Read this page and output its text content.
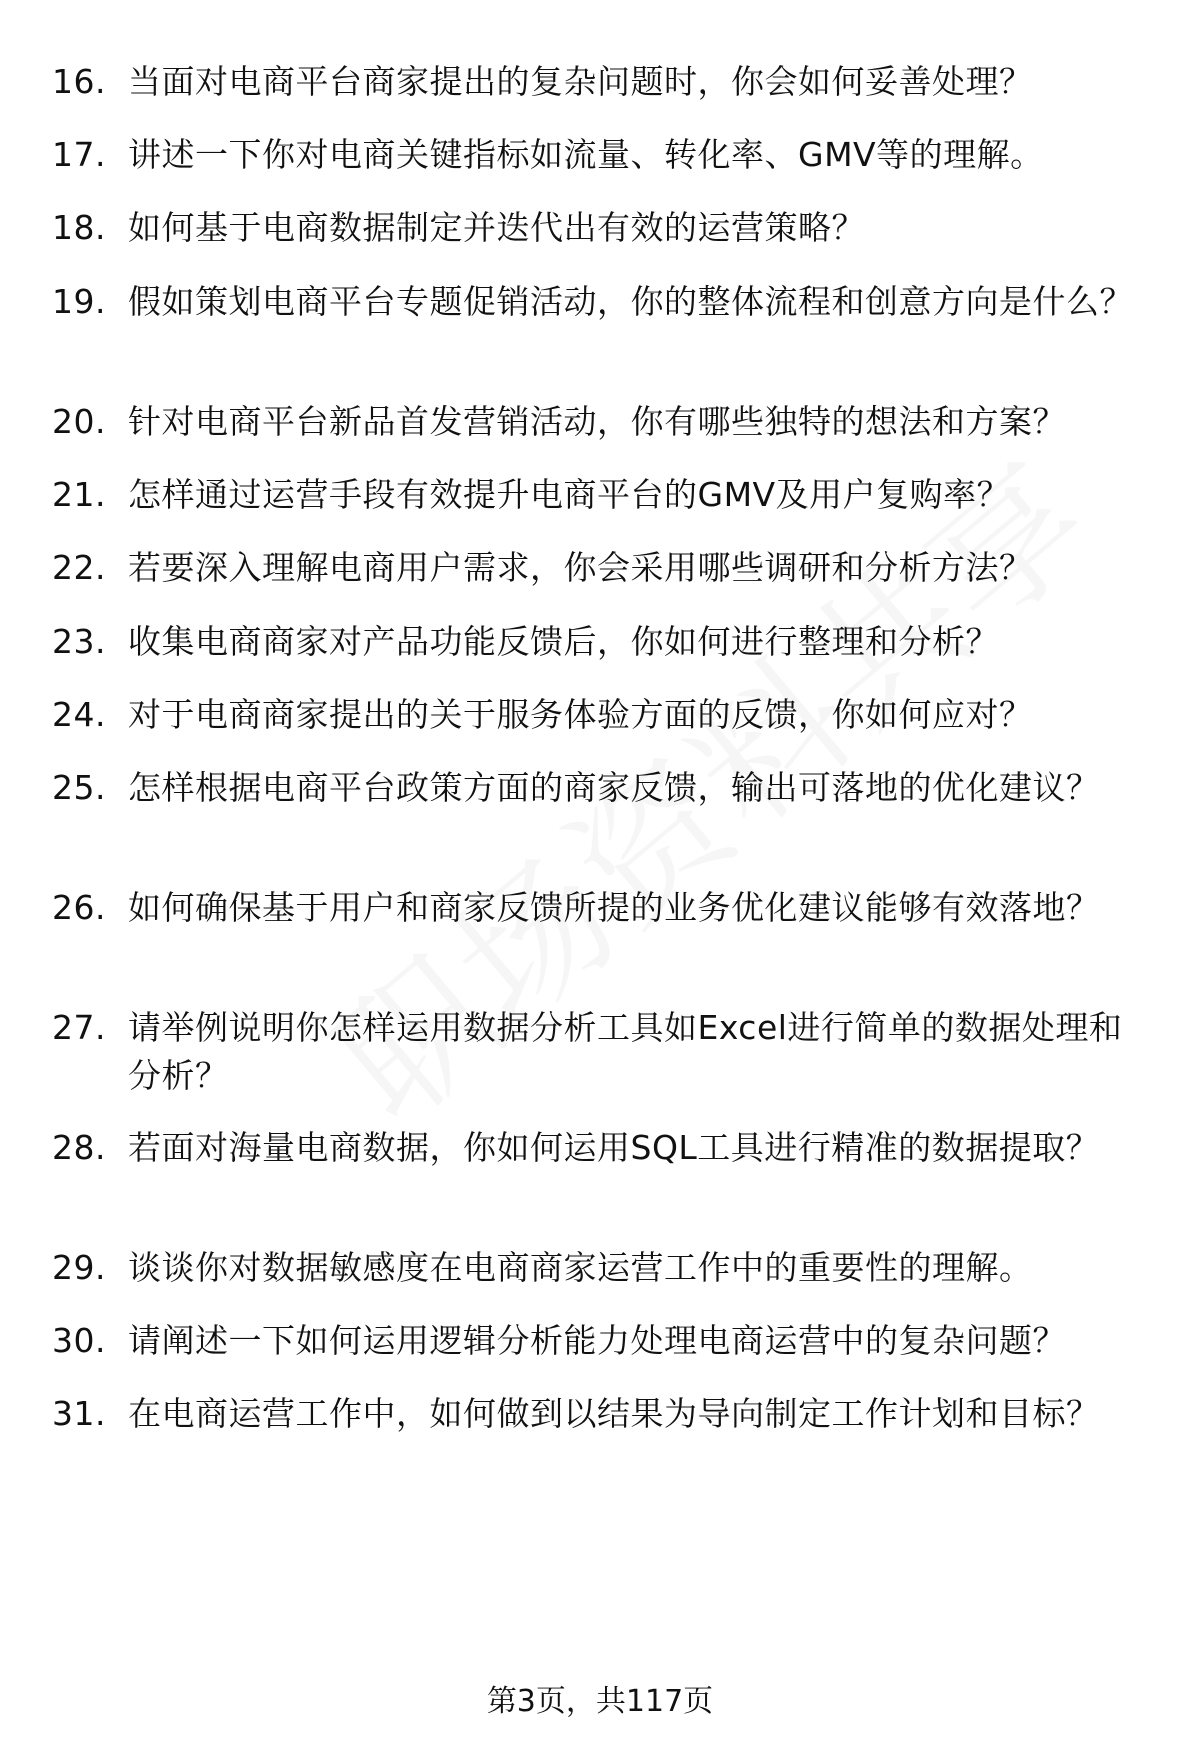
16. 当面对电商平台商家提出的复杂问题时，你会如何妥善处理？
17. 讲述一下你对电商关键指标如流量、转化率、GMV等的理解。
18. 如何基于电商数据制定并迭代出有效的运营策略？
19. 假如策划电商平台专题促销活动，你的整体流程和创意方向是什么？
20. 针对电商平台新品首发营销活动，你有哪些独特的想法和方案？
21. 怎样通过运营手段有效提升电商平台的GMV及用户复购率？
22. 若要深入理解电商用户需求，你会采用哪些调研和分析方法？
23. 收集电商商家对产品功能反馈后，你如何进行整理和分析？
24. 对于电商商家提出的关于服务体验方面的反馈，你如何应对？
25. 怎样根据电商平台政策方面的商家反馈，输出可落地的优化建议？
26. 如何确保基于用户和商家反馈所提的业务优化建议能够有效落地？
27. 请举例说明你怎样运用数据分析工具如Excel进行简单的数据处理和分析？
28. 若面对海量电商数据，你如何运用SQL工具进行精准的数据提取？
29. 谈谈你对数据敏感度在电商商家运营工作中的重要性的理解。
30. 请阐述一下如何运用逻辑分析能力处理电商运营中的复杂问题？
31. 在电商运营工作中，如何做到以结果为导向制定工作计划和目标？
第3页，共117页
